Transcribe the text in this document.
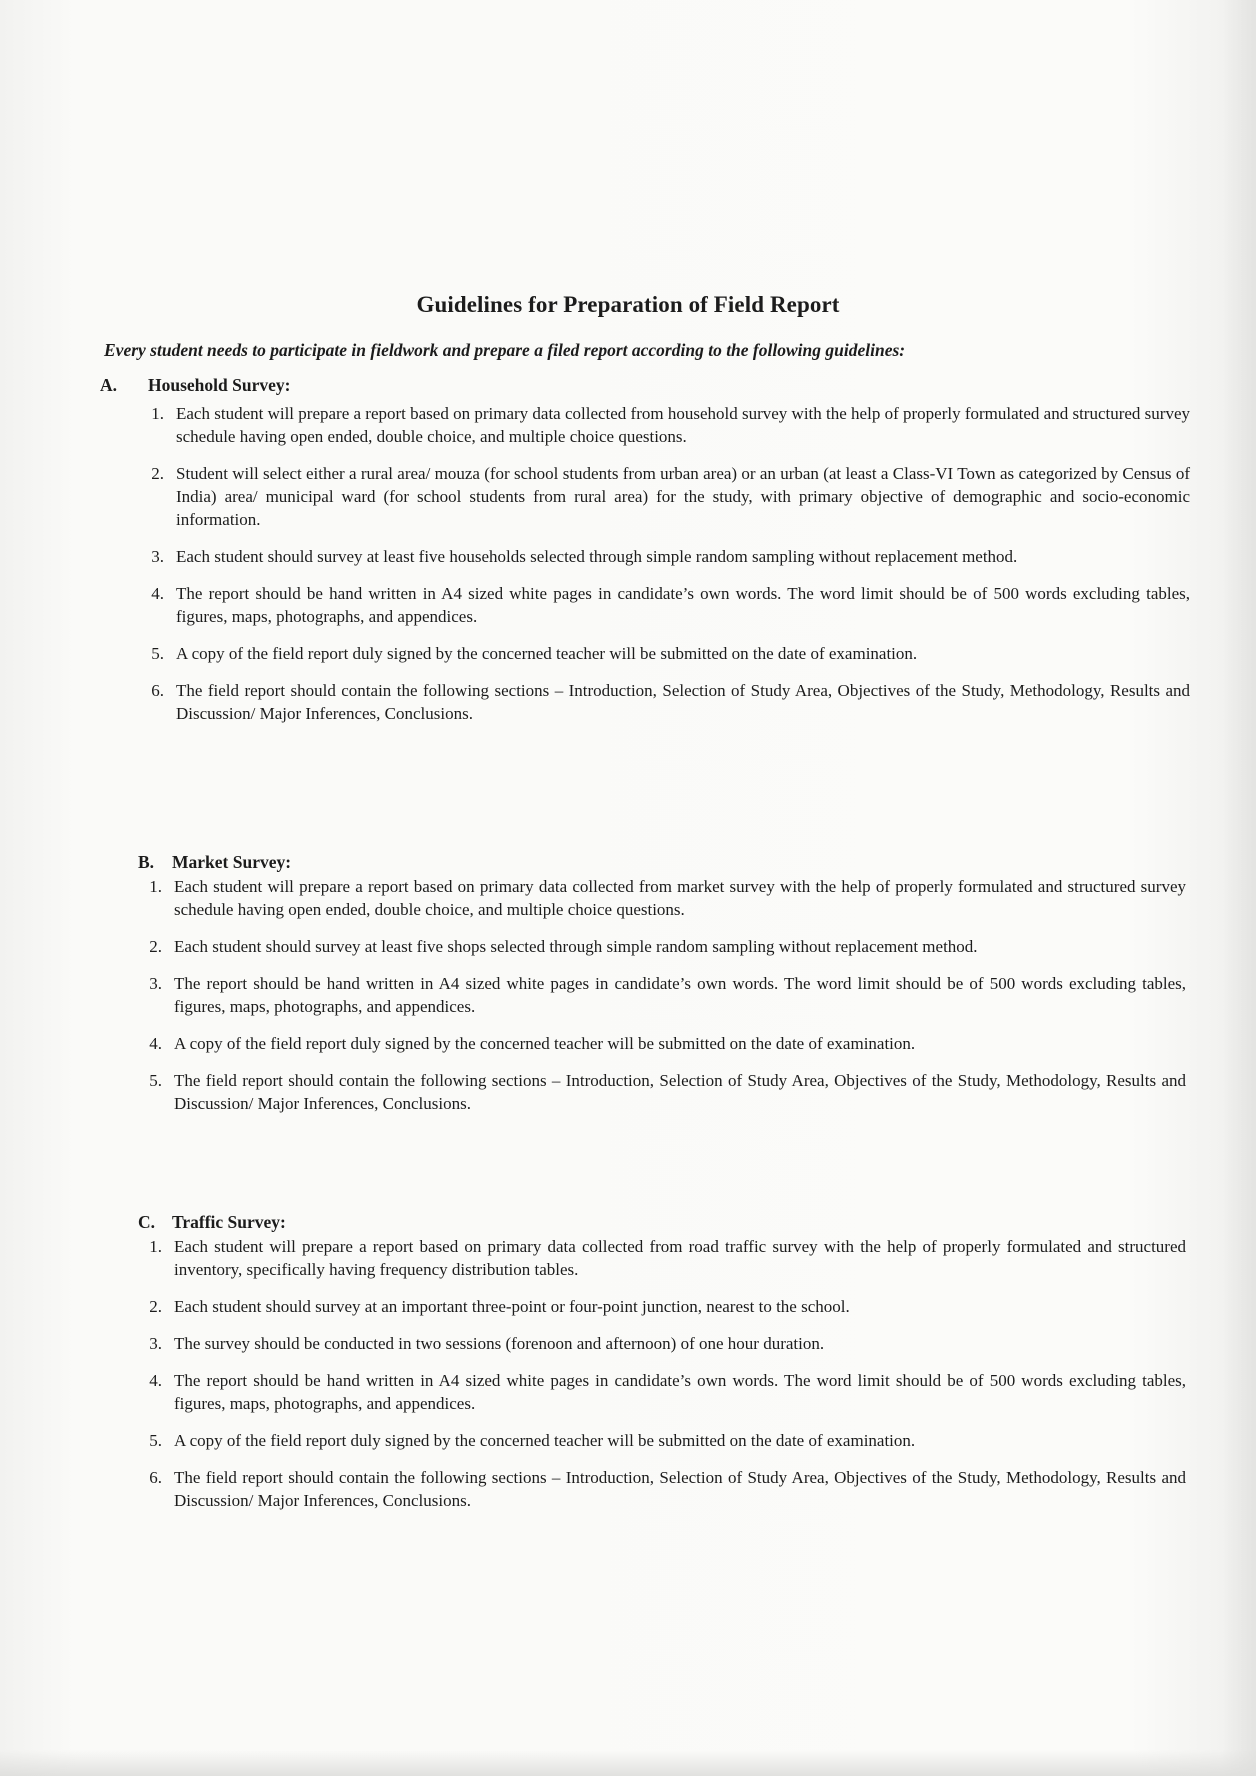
Guidelines for Preparation of Field Report
Every student needs to participate in fieldwork and prepare a filed report according to the following guidelines:
A.	Household Survey:
1. Each student will prepare a report based on primary data collected from household survey with the help of properly formulated and structured survey schedule having open ended, double choice, and multiple choice questions.
2. Student will select either a rural area/ mouza (for school students from urban area) or an urban (at least a Class-VI Town as categorized by Census of India) area/ municipal ward (for school students from rural area) for the study, with primary objective of demographic and socio-economic information.
3. Each student should survey at least five households selected through simple random sampling without replacement method.
4. The report should be hand written in A4 sized white pages in candidate’s own words. The word limit should be of 500 words excluding tables, figures, maps, photographs, and appendices.
5. A copy of the field report duly signed by the concerned teacher will be submitted on the date of examination.
6. The field report should contain the following sections – Introduction, Selection of Study Area, Objectives of the Study, Methodology, Results and Discussion/ Major Inferences, Conclusions.
B.	Market Survey:
1. Each student will prepare a report based on primary data collected from market survey with the help of properly formulated and structured survey schedule having open ended, double choice, and multiple choice questions.
2. Each student should survey at least five shops selected through simple random sampling without replacement method.
3. The report should be hand written in A4 sized white pages in candidate’s own words. The word limit should be of 500 words excluding tables, figures, maps, photographs, and appendices.
4. A copy of the field report duly signed by the concerned teacher will be submitted on the date of examination.
5. The field report should contain the following sections – Introduction, Selection of Study Area, Objectives of the Study, Methodology, Results and Discussion/ Major Inferences, Conclusions.
C. Traffic Survey:
1. Each student will prepare a report based on primary data collected from road traffic survey with the help of properly formulated and structured inventory, specifically having frequency distribution tables.
2. Each student should survey at an important three-point or four-point junction, nearest to the school.
3. The survey should be conducted in two sessions (forenoon and afternoon) of one hour duration.
4. The report should be hand written in A4 sized white pages in candidate’s own words. The word limit should be of 500 words excluding tables, figures, maps, photographs, and appendices.
5. A copy of the field report duly signed by the concerned teacher will be submitted on the date of examination.
6. The field report should contain the following sections – Introduction, Selection of Study Area, Objectives of the Study, Methodology, Results and Discussion/ Major Inferences, Conclusions.
